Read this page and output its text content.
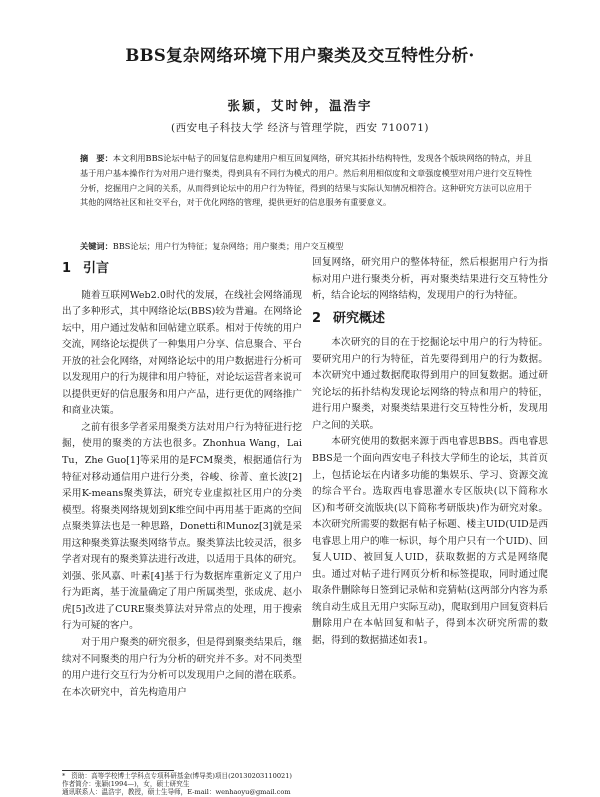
BBS复杂网络环境下用户聚类及交互特性分析·
张颖，艾时钟，温浩宇
(西安电子科技大学 经济与管理学院，西安 710071)
摘　要：本文利用BBS论坛中帖子的回复信息构建用户相互回复网络，研究其拓扑结构特性，发现各个版块网络的特点，并且基于用户基本操作行为对用户进行聚类，得到具有不同行为模式的用户。然后利用相似度和文章强度模型对用户进行交互特性分析，挖掘用户之间的关系，从而得到论坛中的用户行为特征，得到的结果与实际认知情况相符合。这种研究方法可以应用于其他的网络社区和社交平台，对于优化网络的管理，提供更好的信息服务有重要意义。
关键词：BBS论坛；用户行为特征；复杂网络；用户聚类；用户交互模型
1 引言

随着互联网Web2.0时代的发展，在线社会网络涌现出了多种形式，其中网络论坛(BBS)较为普遍。在网络论坛中，用户通过发帖和回帖建立联系。相对于传统的用户交流，网络论坛提供了一种集用户分享、信息聚合、平台开放的社会化网络，对网络论坛中的用户数据进行分析可以发现用户的行为规律和用户特征，对论坛运营者来说可以提供更好的信息服务和用户产品，进行更优的网络推广和商业决策。

之前有很多学者采用聚类方法对用户行为特征进行挖掘，使用的聚类的方法也很多。Zhonhua Wang，Lai Tu，Zhe Guo[1]等采用的是FCM聚类，根据通信行为特征对移动通信用户进行分类，谷峻、徐菁、童长波[2]采用K-means聚类算法，研究专业虚拟社区用户的分类模型。将聚类网络规划到K维空间中再用基于距离的空间点聚类算法也是一种思路，Donetti和Munoz[3]就是采用这种聚类算法聚类网络节点。聚类算法比较灵活，很多学者对现有的聚类算法进行改进，以适用于具体的研究。刘强、张风嘉、叶素[4]基于行为数据库重新定义了用户行为距离，基于流量确定了用户所属类型，张成虎、赵小虎[5]改进了CURE聚类算法对异常点的处理，用于搜索行为可疑的客户。

对于用户聚类的研究很多，但是得到聚类结果后，继续对不同聚类的用户行为分析的研究并不多。对不同类型的用户进行交互行为分析可以发现用户之间的潜在联系。在本次研究中，首先构造用户

回复网络，研究用户的整体特征，然后根据用户行为指标对用户进行聚类分析，再对聚类结果进行交互特性分析，结合论坛的网络结构，发现用户的行为特征。

2 研究概述

本次研究的目的在于挖掘论坛中用户的行为特征。要研究用户的行为特征，首先要得到用户的行为数据。本次研究中通过数据爬取得到用户的回复数据。通过研究论坛的拓扑结构发现论坛网络的特点和用户的特征，进行用户聚类，对聚类结果进行交互特性分析，发现用户之间的关联。

本研究使用的数据来源于西电睿思BBS。西电睿思BBS是一个面向西安电子科技大学师生的论坛，其首页上，包括论坛在内诸多功能的集娱乐、学习、资源交流的综合平台。选取西电睿思灌水专区版块(以下简称水区)和考研交流版块(以下简称考研版块)作为研究对象。本次研究所需要的数据有帖子标题、楼主UID(UID是西电睿思上用户的唯一标识，每个用户只有一个UID)、回复人UID、被回复人UID，获取数据的方式是网络爬虫。通过对帖子进行网页分析和标签提取，同时通过爬取条件删除每日签到记录帖和竞猜帖(这两部分内容为系统自动生成且无用户实际互动)，爬取到用户回复资料后删除用户在本帖回复和帖子，得到本次研究所需的数据，得到的数据描述如表1。

* 资助：高等学校博士学科点专项科研基金(博导类)项目(20130203110021)
作者简介：张颖(1994—)，女，硕士研究生
通讯联系人：温浩宇，教授，硕士生导师，E-mail：wenhaoyu@gmail.com
